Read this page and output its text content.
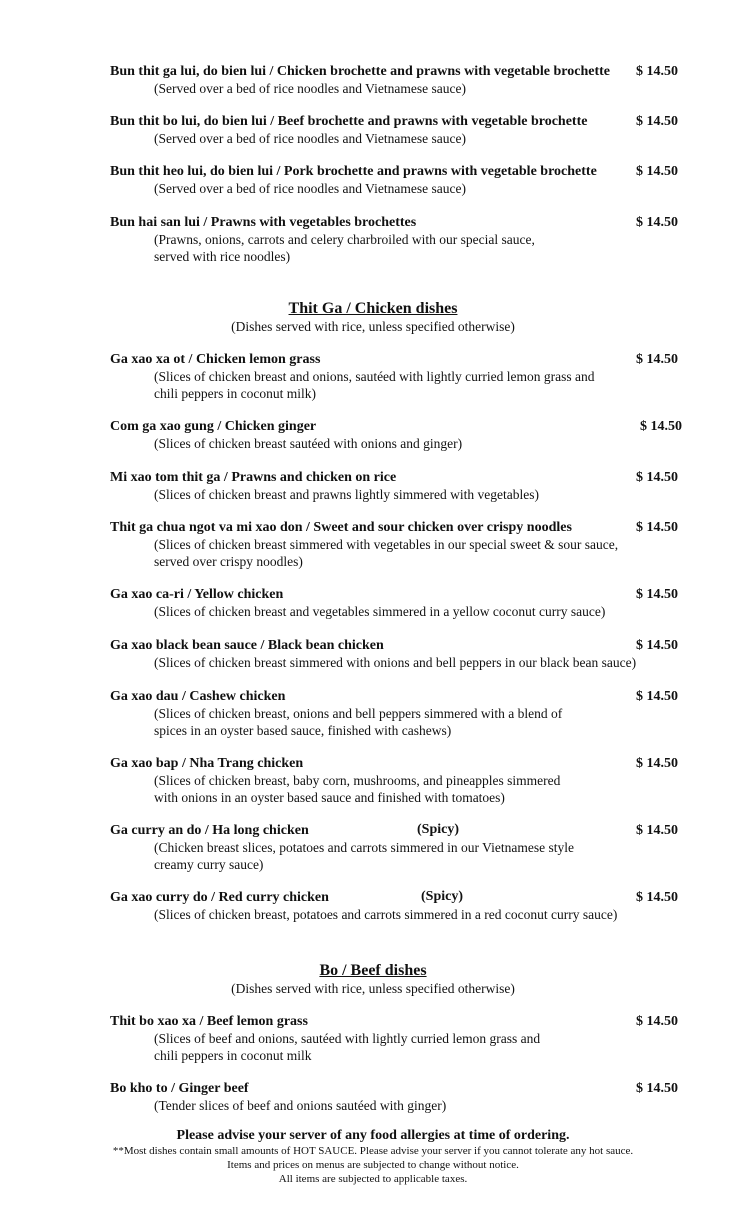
Bun thit ga lui, do bien lui / Chicken brochette and prawns with vegetable brochette	$ 14.50
(Served over a bed of rice noodles and Vietnamese sauce)
Bun thit bo lui, do bien lui / Beef brochette and prawns with vegetable brochette	$ 14.50
(Served over a bed of rice noodles and Vietnamese sauce)
Bun thit heo lui, do bien lui / Pork brochette and prawns with vegetable brochette	$ 14.50
(Served over a bed of rice noodles and Vietnamese sauce)
Bun hai san lui / Prawns with vegetables brochettes	$ 14.50
(Prawns, onions, carrots and celery charbroiled with our special sauce,
served with rice noodles)
Thit Ga / Chicken dishes
(Dishes served with rice, unless specified otherwise)
Ga xao xa ot / Chicken lemon grass	$ 14.50
(Slices of chicken breast and onions, sautéed with lightly curried lemon grass and
chili peppers in coconut milk)
Com ga xao gung / Chicken ginger	$ 14.50
(Slices of chicken breast sautéed with onions and ginger)
Mi xao tom thit ga / Prawns and chicken on rice	$ 14.50
(Slices of chicken breast and prawns lightly simmered with vegetables)
Thit ga chua ngot va mi xao don / Sweet and sour chicken over crispy noodles	$ 14.50
(Slices of chicken breast simmered with vegetables in our special sweet & sour sauce,
served over crispy noodles)
Ga xao ca-ri / Yellow chicken	$ 14.50
(Slices of chicken breast and vegetables simmered in a yellow coconut curry sauce)
Ga xao black bean sauce / Black bean chicken	$ 14.50
(Slices of chicken breast simmered with onions and bell peppers in our black bean sauce)
Ga xao dau / Cashew chicken	$ 14.50
(Slices of chicken breast, onions and bell peppers simmered with a blend of
spices in an oyster based sauce, finished with cashews)
Ga xao bap / Nha Trang chicken	$ 14.50
(Slices of chicken breast, baby corn, mushrooms, and pineapples simmered
with onions in an oyster based sauce and finished with tomatoes)
Ga curry an do / Ha long chicken	(Spicy)	$ 14.50
(Chicken breast slices, potatoes and carrots simmered in our Vietnamese style
creamy curry sauce)
Ga xao curry do / Red curry chicken	(Spicy)	$ 14.50
(Slices of chicken breast, potatoes and carrots simmered in a red coconut curry sauce)
Bo / Beef dishes
(Dishes served with rice, unless specified otherwise)
Thit bo xao xa / Beef lemon grass	$ 14.50
(Slices of beef and onions, sautéed with lightly curried lemon grass and
chili peppers in coconut milk
Bo kho to / Ginger beef	$ 14.50
(Tender slices of beef and onions sautéed with ginger)
Please advise your server of any food allergies at time of ordering.
**Most dishes contain small amounts of HOT SAUCE. Please advise your server if you cannot tolerate any hot sauce.
Items and prices on menus are subjected to change without notice.
All items are subjected to applicable taxes.
